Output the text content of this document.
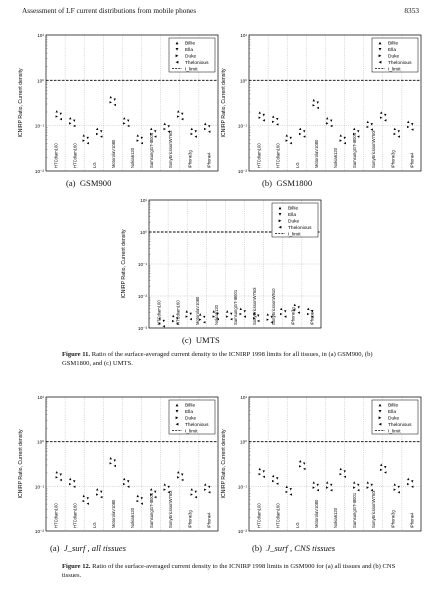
Assessment of LF current distributions from mobile phones	8353
ICNIRP Ratio, Current density
10¹
10⁰
10⁻¹
10⁻²
HTCdiam100	HTCdiam160	LG	MotorolaV1080	Nokia6120	SamsungGT-I8001	SonyEricssonW760i	iPhone3g	iPhone4
Billie
Ella
Duke
Thelonious
I_limit
(a) GSM900
ICNIRP Ratio, Current density
10¹
10⁰
10⁻¹
10⁻²
HTCdiam100	HTCdiam160	LG	MotorolaV1080	Nokia6120	SamsungGT-I8001	SonyEricssonW760i	iPhone3g	iPhone4
Billie
Ella
Duke
Thelonious
I_limit
(b) GSM1800
ICNIRP Ratio, Current density
10¹
10⁰
10⁻¹
10⁻²
10⁻³
HTCdiam100	HTCdiam160	MotorolaV1080	Nokia6120	SamsungGT-I8001	SonyEricssonW760i	SonyEricssonW910	iPhone3g	iPhone4
Billie
Ella
Duke
Thelonious
I_limit
(c) UMTS
Figure 11. Ratio of the surface-averaged current density to the ICNIRP 1998 limits for all tissues, in (a) GSM900, (b) GSM1800, and (c) UMTS.
ICNIRP Ratio, Current density
10¹
10⁰
10⁻¹
10⁻²
HTCdiam100	HTCdiam160	LG	MotorolaV1080	Nokia6120	SamsungGT-I8001	SonyEricssonW760i	iPhone3g	iPhone4
Billie
Ella
Duke
Thelonious
I_limit
(a) J_surf , all tissues
ICNIRP Ratio, Current density
10¹
10⁰
10⁻¹
10⁻²
HTCdiam100	HTCdiam160	LG	MotorolaV1080	Nokia6120	SamsungGT-I8001	SonyEricssonW760i	iPhone3g	iPhone4
Billie
Ella
Duke
Thelonious
I_limit
(b) J_surf , CNS tissues
Figure 12. Ratio of the surface-averaged current density to the ICNIRP 1998 limits in GSM900 for (a) all tissues and (b) CNS tissues.
